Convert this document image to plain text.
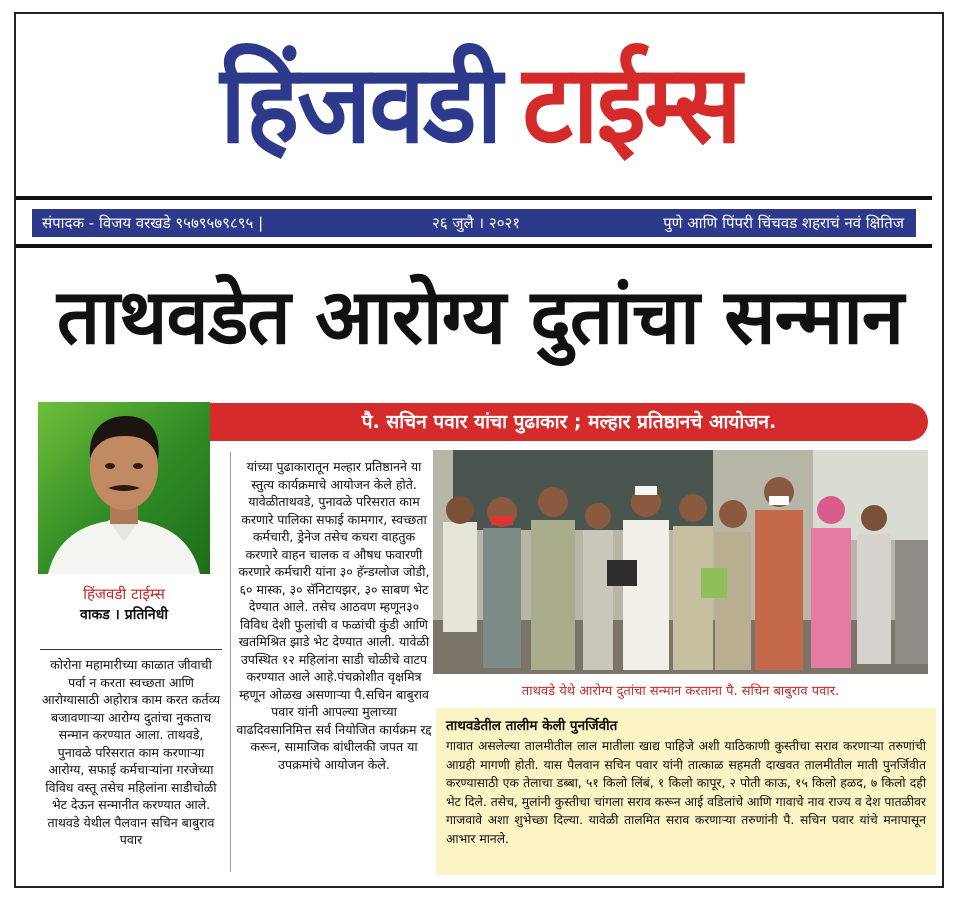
हिंजवडी टाईम्स
संपादक - विजय वरखडे ९५७९५७९८९५ |	२६ जुलै । २०२१	पुणे आणि पिंपरी चिंचवड शहराचं नवं क्षितिज
ताथवडेत आरोग्य दुतांचा सन्मान
हिंजवडी टाईम्स
वाकड । प्रतिनिधी
कोरोना महामारीच्या काळात जीवाची पर्वा न करता स्वच्छता आणि आरोग्यासाठी अहोरात्र काम करत कर्तव्य बजावणाऱ्या आरोग्य दुतांचा नुकताच सन्मान करण्यात आला. ताथवडे, पुनावळे परिसरात काम करणाऱ्या आरोग्य, सफाई कर्मचाऱ्यांना गरजेच्या विविध वस्तू तसेच महिलांना साडीचोळी भेट देऊन सन्मानीत करण्यात आले. ताथवडे येथील पैलवान सचिन बाबुराव पवार
यांच्या पुढाकारातून मल्हार प्रतिष्ठानने या स्तुत्य कार्यक्रमाचे आयोजन केले होते. यावेळीताथवडे, पुनावळे परिसरात काम करणारे पालिका सफाई कामगार, स्वच्छता कर्मचारी, ड्रेनेज तसेच कचरा वाहतुक करणारे वाहन चालक व औषध फवारणी करणारे कर्मचारी यांना ३० हॅन्डग्लोज जोडी, ६० मास्क, ३० सॅनिटायझर, ३० साबण भेट देण्यात आले. तसेच आठवण म्हणून३० विविध देशी फुलांची व फळांची कुंडी आणि खतमिश्रित झाडे भेट देण्यात आली. यावेळी उपस्थित १२ महिलांना साडी चोळीचे वाटप करण्यात आले आहे.पंचक्रोशीत वृक्षमित्र म्हणून ओळख असणाऱ्या पै.सचिन बाबुराव पवार यांनी आपल्या मुलाच्या वाढदिवसानिमित्त सर्व नियोजित कार्यक्रम रद्द करून, सामाजिक बांधीलकी जपत या उपक्रमांचे आयोजन केले.
पै. सचिन पवार यांचा पुढाकार ; मल्हार प्रतिष्ठानचे आयोजन.
ताथवडे येथे आरोग्य दुतांचा सन्मान करताना पै. सचिन बाबुराव पवार.
ताथवडेतील तालीम केली पुनर्जिवीत

गावात असलेल्या तालमीतील लाल मातीला खाद्य पाहिजे अशी याठिकाणी कुस्तीचा सराव करणाऱ्या तरुणांची आग्रही मागणी होती. यास पैलवान सचिन पवार यांनी तात्काळ सहमती दाखवत तालमीतील माती पुनर्जिवीत करण्यासाठी एक तेलाचा डब्बा, ५१ किलो लिंबं, १ किलो कापूर, २ पोती काऊ, १५ किलो हळद, ७ किलो दही भेट दिले. तसेच, मुलांनी कुस्तीचा चांगला सराव करून आई वडिलांचे आणि गावाचे नाव राज्य व देश पातळीवर गाजवावे अशा शुभेच्छा दिल्या. यावेळी तालमित सराव करणाऱ्या तरुणांनी पै. सचिन पवार यांचे मनापासून आभार मानले.
